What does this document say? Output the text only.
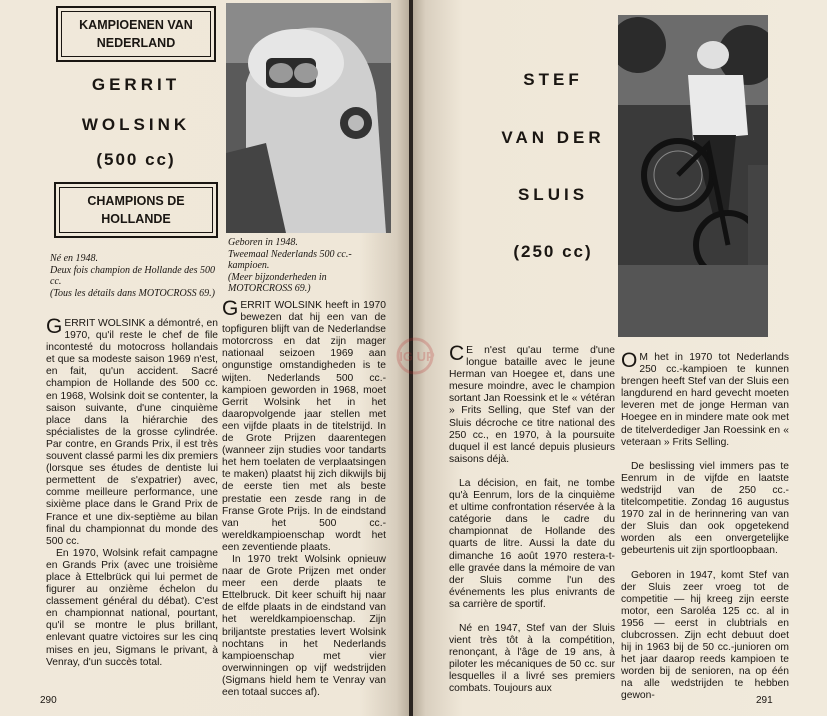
KAMPIOENEN VAN NEDERLAND
GERRIT
WOLSINK
(500 cc)
CHAMPIONS DE HOLLANDE

Geboren in 1948.

Tweemaal Nederlands 500 cc.-kampioen.

(Meer bijzonderheden in MOTORCROSS 69.)

Né en 1948.

Deux fois champion de Hollande des 500 cc.

(Tous les détails dans MOTOCROSS 69.)

GERRIT WOLSINK a démontré, en 1970, qu'il reste le chef de file incontesté du motocross hollandais et que sa modeste saison 1969 n'est, en fait, qu'un accident. Sacré champion de Hollande des 500 cc. en 1968, Wolsink doit se contenter, la saison suivante, d'une cinquième place dans la hiérarchie des spécialistes de la grosse cylindrée. Par contre, en Grands Prix, il est très souvent classé parmi les dix premiers (lorsque ses études de dentiste lui permettent de s'expatrier) avec, comme meilleure performance, une sixième place dans le Grand Prix de France et une dix-septième au bilan final du championnat du monde des 500 cc.

En 1970, Wolsink refait campagne en Grands Prix (avec une troisième place à Ettelbrück qui lui permet de figurer au onzième échelon du classement général du débat). C'est en championnat national, pourtant, qu'il se montre le plus brillant, enlevant quatre victoires sur les cinq mises en jeu, Sigmans le privant, à Venray, d'un succès total.

GERRIT WOLSINK heeft in 1970 bewezen dat hij een van de topfiguren blijft van de Nederlandse motorcross en dat zijn mager nationaal seizoen 1969 aan ongunstige omstandigheden is te wijten. Nederlands 500 cc.-kampioen geworden in 1968, moet Gerrit Wolsink het in het daaropvolgende jaar stellen met een vijfde plaats in de titelstrijd. In de Grote Prijzen daarentegen (wanneer zijn studies voor tandarts het hem toelaten de verplaatsingen te maken) plaatst hij zich dikwijls bij de eerste tien met als beste prestatie een zesde rang in de Franse Grote Prijs. In de eindstand van het 500 cc.-wereldkampioenschap wordt het een zeventiende plaats.

In 1970 trekt Wolsink opnieuw naar de Grote Prijzen met onder meer een derde plaats te Ettelbruck. Dit keer schuift hij naar de elfde plaats in de eindstand van het wereldkampioenschap. Zijn briljantste prestaties levert Wolsink nochtans in het Nederlands kampioenschap met vier overwinningen op vijf wedstrijden (Sigmans hield hem te Venray van een totaal succes af).

290
STEF
VAN DER
SLUIS
(250 cc)

C E n'est qu'au terme d'une longue bataille avec le jeune Herman van Hoegee et, dans une mesure moindre, avec le champion sortant Jan Roessink et le « vétéran » Frits Selling, que Stef van der Sluis décroche ce titre national des 250 cc., en 1970, à la poursuite duquel il est lancé depuis plusieurs saisons déjà.

La décision, en fait, ne tombe qu'à Eenrum, lors de la cinquième et ultime confrontation réservée à la catégorie dans le cadre du championnat de Hollande des quarts de litre. Aussi la date du dimanche 16 août 1970 restera-t-elle gravée dans la mémoire de van der Sluis comme l'un des événements les plus enivrants de sa carrière de sportif.

Né en 1947, Stef van der Sluis vient très tôt à la compétition, renonçant, à l'âge de 19 ans, à piloter les mécaniques de 50 cc. sur lesquelles il a livré ses premiers combats. Toujours aux

O M het in 1970 tot Nederlands 250 cc.-kampioen te kunnen brengen heeft Stef van der Sluis een langdurend en hard gevecht moeten leveren met de jonge Herman van Hoegee en in mindere mate ook met de titelverdediger Jan Roessink en « veteraan » Frits Selling.

De beslissing viel immers pas te Eenrum in de vijfde en laatste wedstrijd van de 250 cc.-titelcompetitie. Zondag 16 augustus 1970 zal in de herinnering van van der Sluis dan ook opgetekend worden als een onvergetelijke gebeurtenis uit zijn sportloopbaan.

Geboren in 1947, komt Stef van der Sluis zeer vroeg tot de competitie — hij kreeg zijn eerste motor, een Saroléa 125 cc. al in 1956 — eerst in clubtrials en clubcrossen. Zijn echt debuut doet hij in 1963 bij de 50 cc.-junioren om het jaar daarop reeds kampioen te worden bij de senioren, na op één na alle wedstrijden te hebben gewon-	291
IG UP
